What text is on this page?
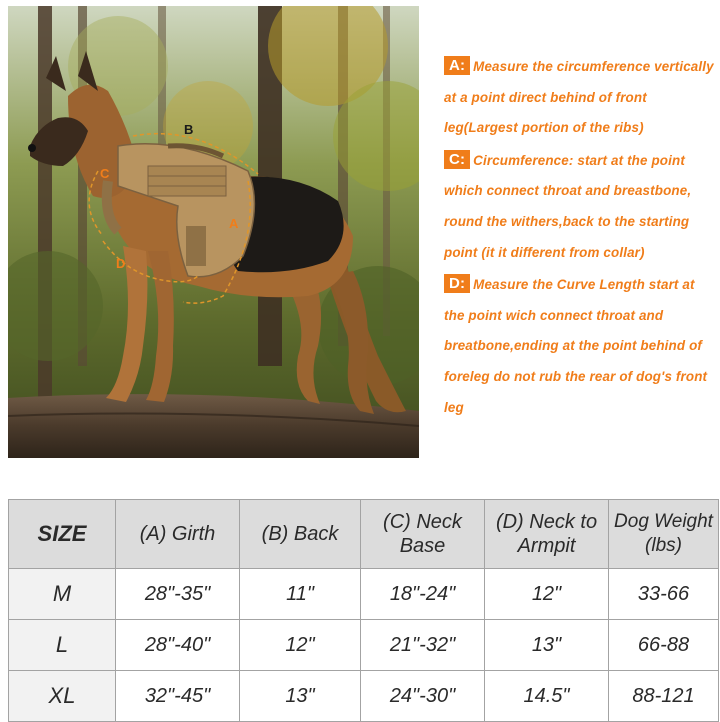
A
B
C
D

A: Measure the circumference vertically at a point direct behind of front leg(Largest portion of the ribs)

C: Circumference: start at the point which connect throat and breastbone, round the withers,back to the starting point (it it different from collar)

D: Measure the Curve Length start at the point wich connect throat and breatbone,ending at the point behind of foreleg do not rub the rear of dog's front leg

SIZE	(A) Girth	(B) Back	(C) Neck Base	(D) Neck to Armpit	Dog Weight (lbs)
M	28"-35"	11"	18"-24"	12"	33-66
L	28"-40"	12"	21"-32"	13"	66-88
XL	32"-45"	13"	24"-30"	14.5"	88-121
